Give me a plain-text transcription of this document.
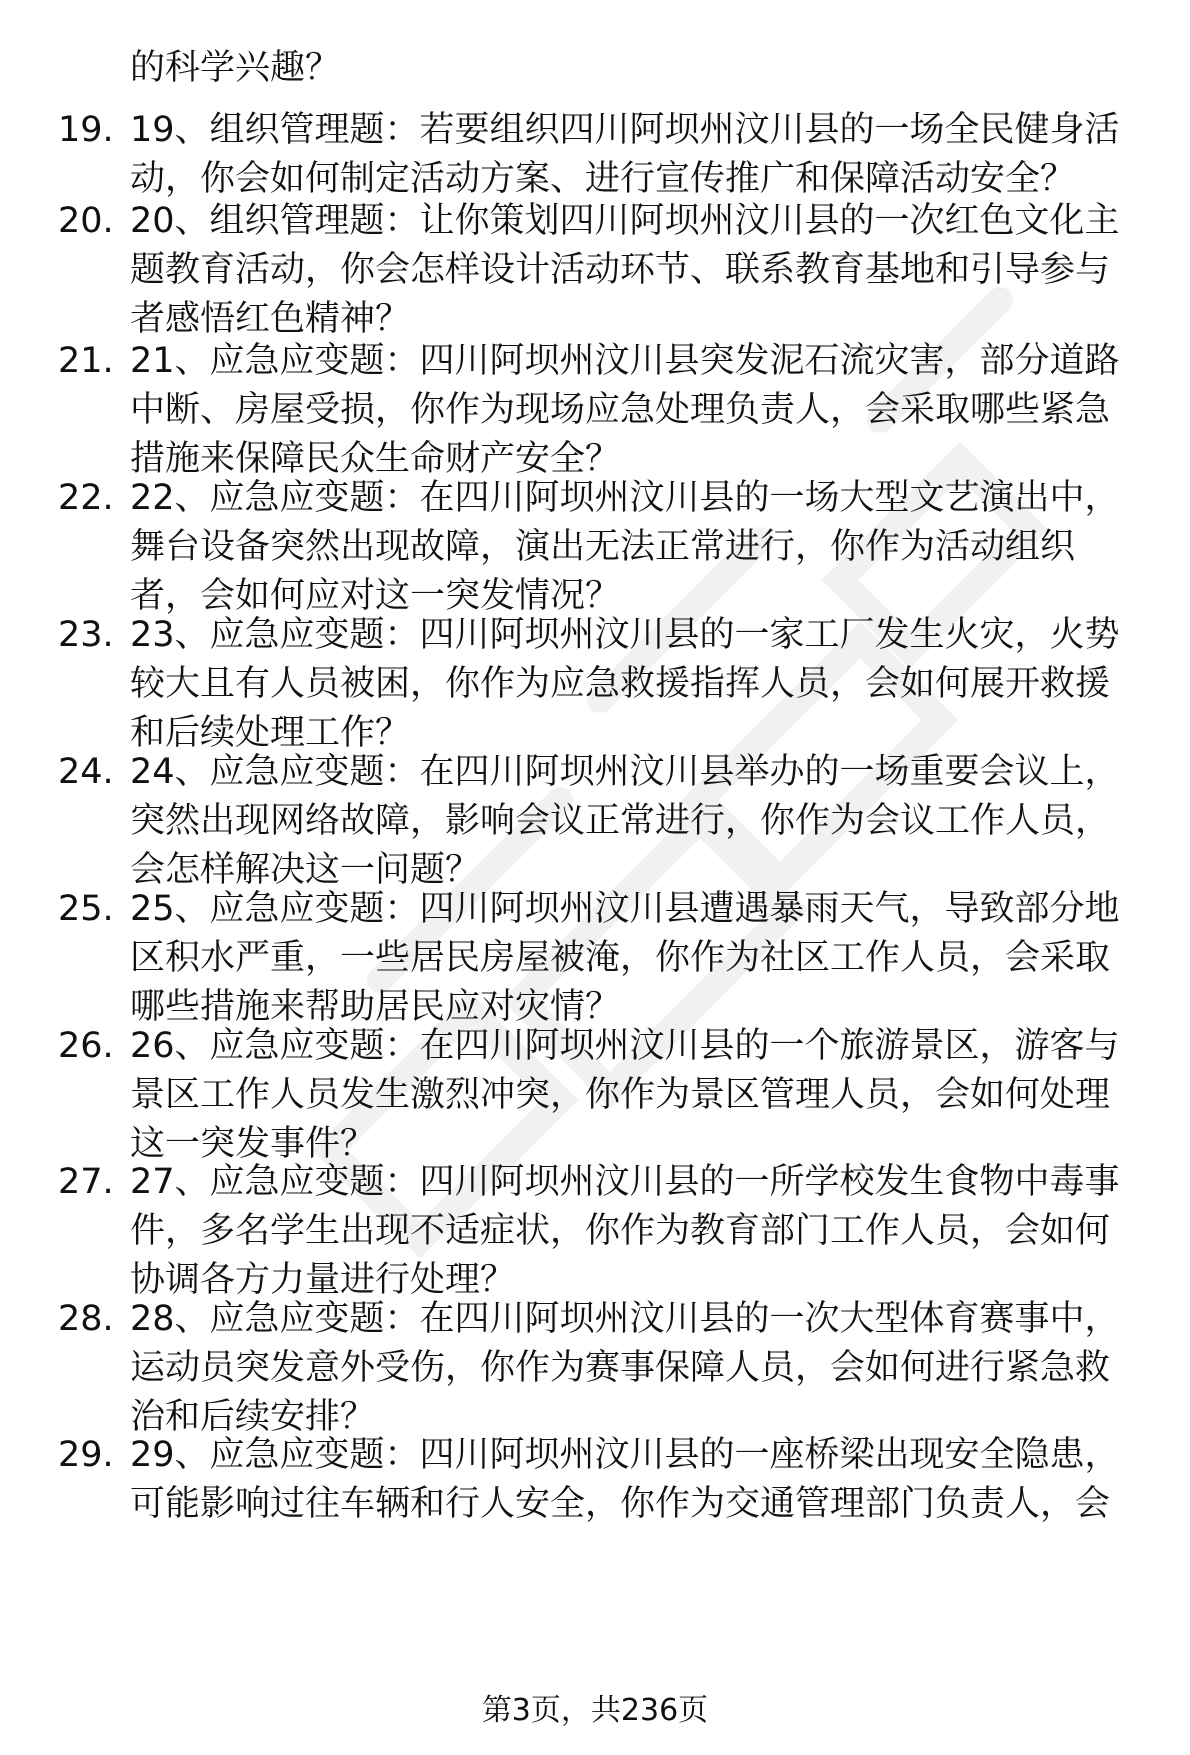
的科学兴趣？
19. 19、组织管理题：若要组织四川阿坝州汶川县的一场全民健身活
动，你会如何制定活动方案、进行宣传推广和保障活动安全？
20. 20、组织管理题：让你策划四川阿坝州汶川县的一次红色文化主
题教育活动，你会怎样设计活动环节、联系教育基地和引导参与
者感悟红色精神？
21. 21、应急应变题：四川阿坝州汶川县突发泥石流灾害，部分道路
中断、房屋受损，你作为现场应急处理负责人，会采取哪些紧急
措施来保障民众生命财产安全？
22. 22、应急应变题：在四川阿坝州汶川县的一场大型文艺演出中，
舞台设备突然出现故障，演出无法正常进行，你作为活动组织
者，会如何应对这一突发情况？
23. 23、应急应变题：四川阿坝州汶川县的一家工厂发生火灾，火势
较大且有人员被困，你作为应急救援指挥人员，会如何展开救援
和后续处理工作？
24. 24、应急应变题：在四川阿坝州汶川县举办的一场重要会议上，
突然出现网络故障，影响会议正常进行，你作为会议工作人员，
会怎样解决这一问题？
25. 25、应急应变题：四川阿坝州汶川县遭遇暴雨天气，导致部分地
区积水严重，一些居民房屋被淹，你作为社区工作人员，会采取
哪些措施来帮助居民应对灾情？
26. 26、应急应变题：在四川阿坝州汶川县的一个旅游景区，游客与
景区工作人员发生激烈冲突，你作为景区管理人员，会如何处理
这一突发事件？
27. 27、应急应变题：四川阿坝州汶川县的一所学校发生食物中毒事
件，多名学生出现不适症状，你作为教育部门工作人员，会如何
协调各方力量进行处理？
28. 28、应急应变题：在四川阿坝州汶川县的一次大型体育赛事中，
运动员突发意外受伤，你作为赛事保障人员，会如何进行紧急救
治和后续安排？
29. 29、应急应变题：四川阿坝州汶川县的一座桥梁出现安全隐患，
可能影响过往车辆和行人安全，你作为交通管理部门负责人，会
第3页，共236页
